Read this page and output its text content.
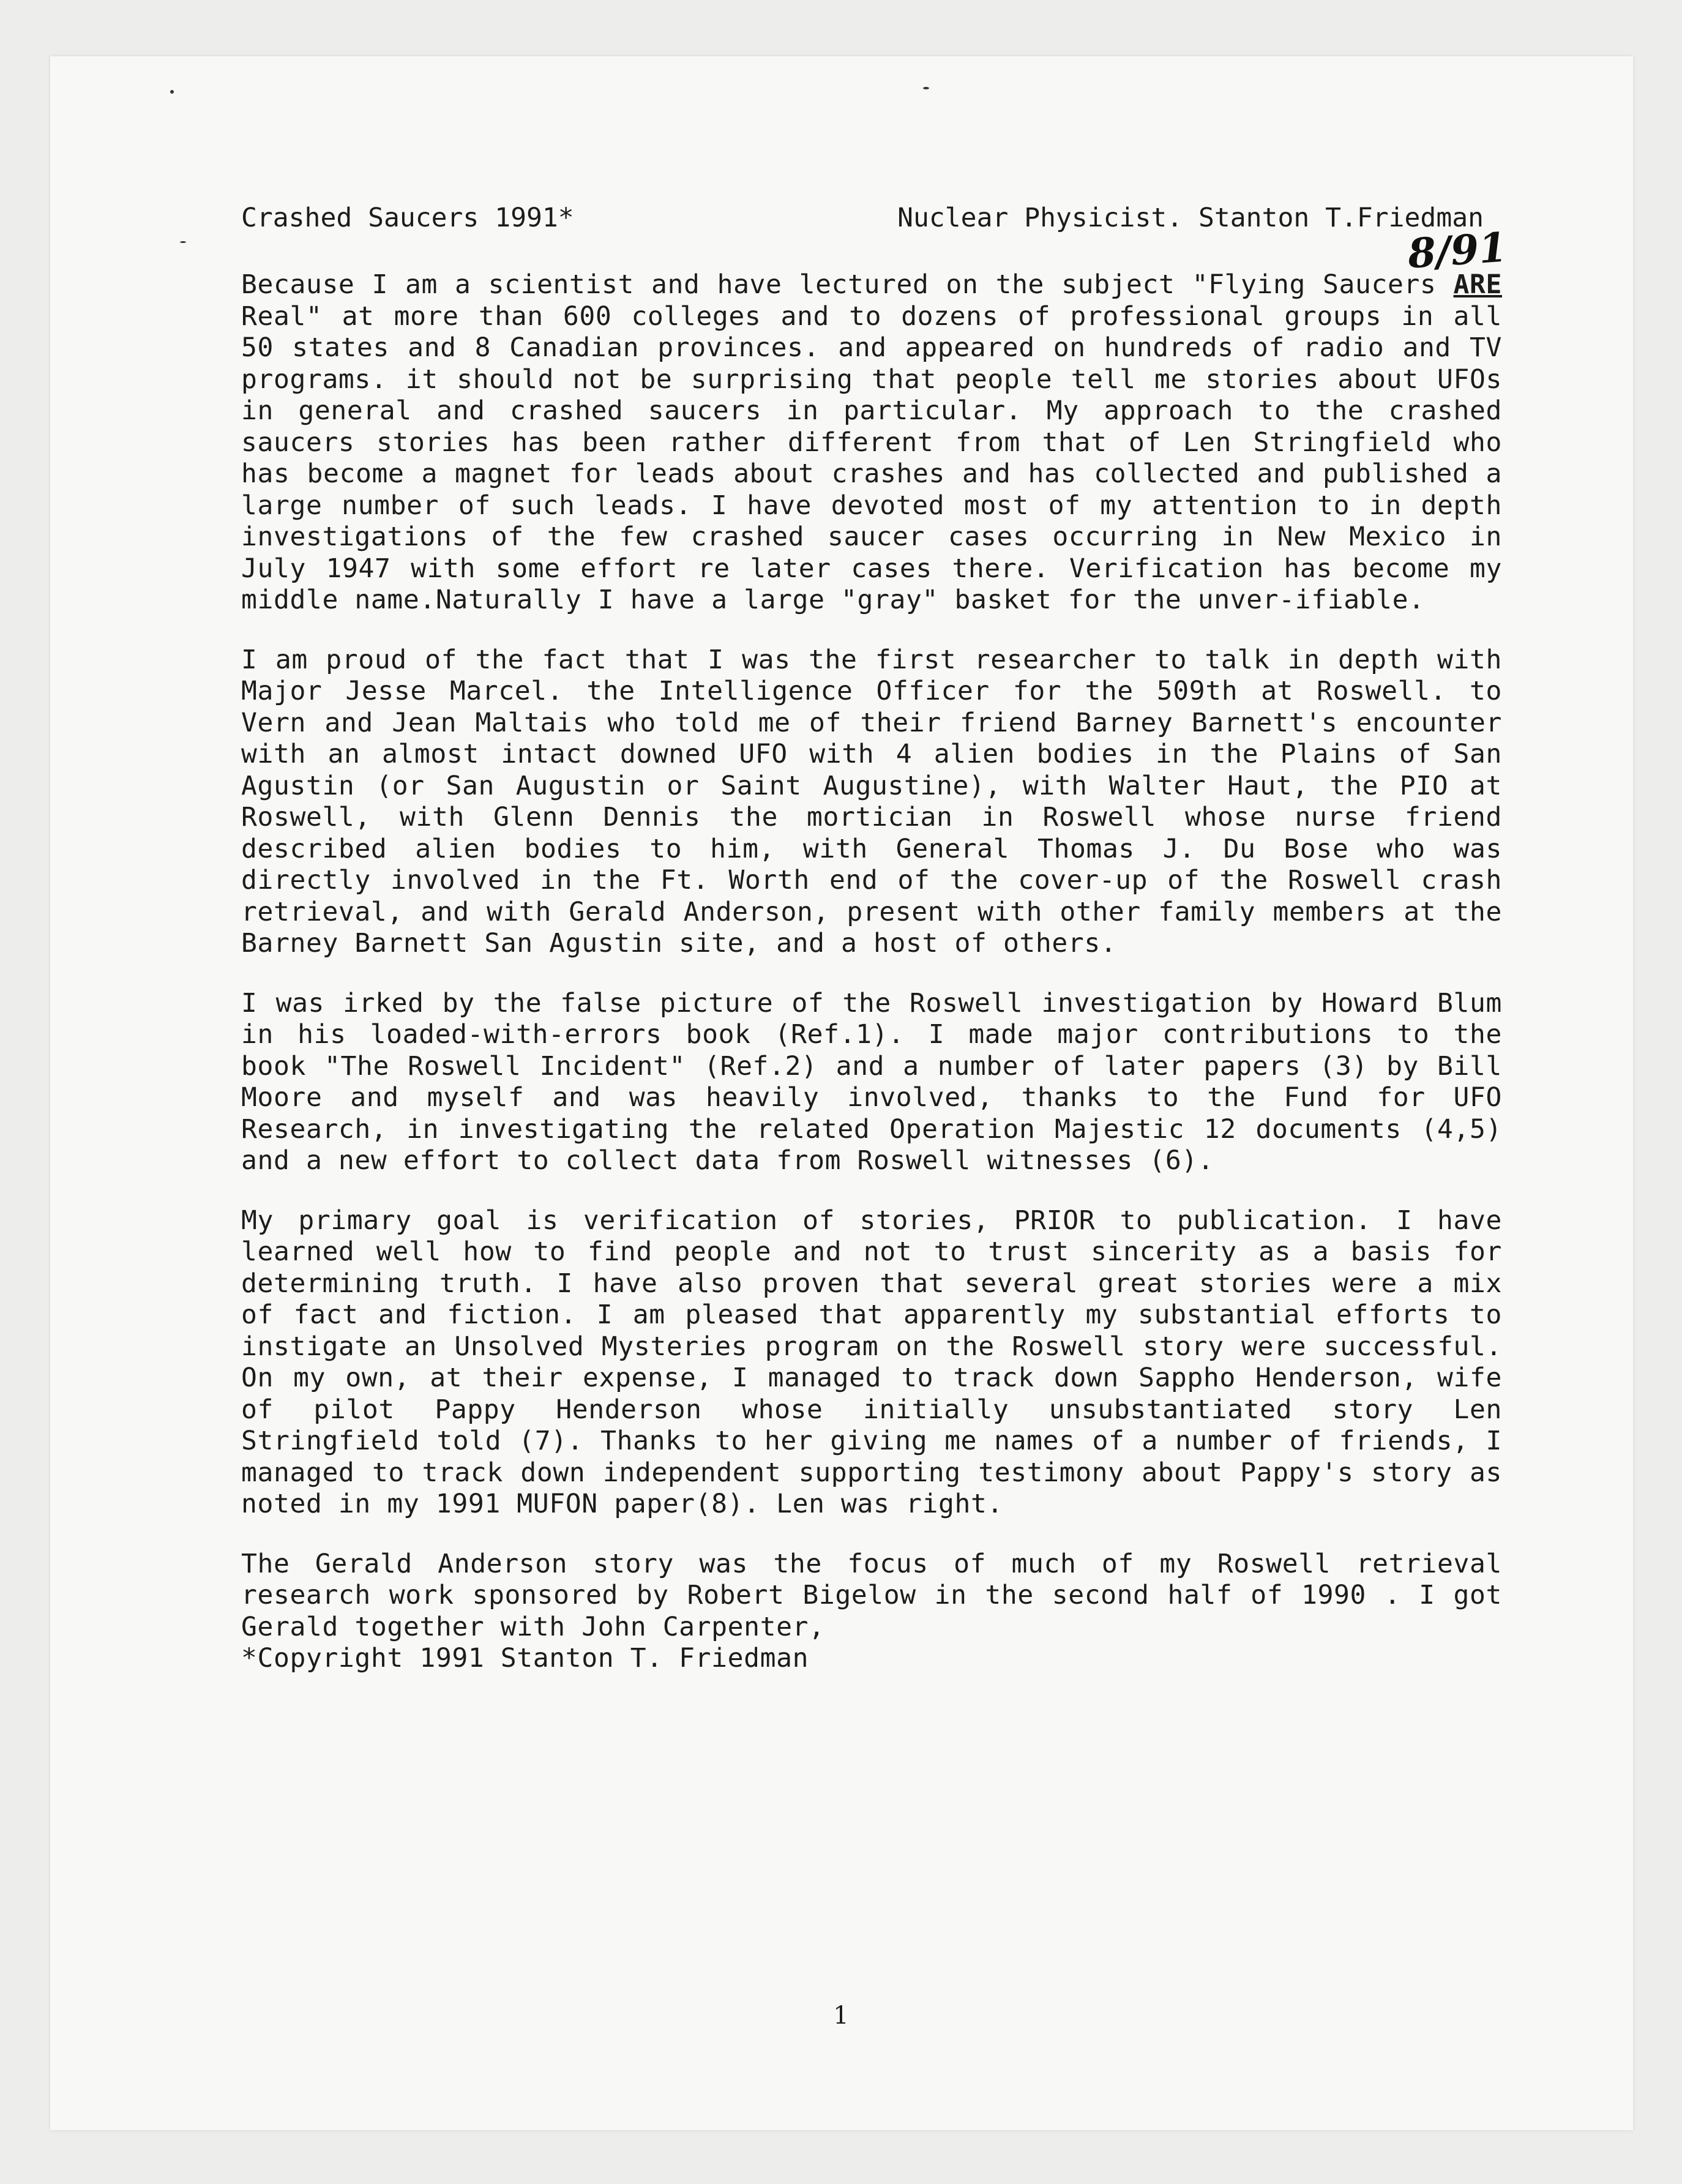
Crashed Saucers 1991*	Nuclear Physicist. Stanton T.Friedman
8/91

Because I am a scientist and have lectured on the subject "Flying Saucers ARE Real" at more than 600 colleges and to dozens of professional groups in all 50 states and 8 Canadian provinces. and appeared on hundreds of radio and TV programs. it should not be surprising that people tell me stories about UFOs in general and crashed saucers in particular. My approach to the crashed saucers stories has been rather different from that of Len Stringfield who has become a magnet for leads about crashes and has collected and published a large number of such leads. I have devoted most of my attention to in depth investigations of the few crashed saucer cases occurring in New Mexico in July 1947 with some effort re later cases there. Verification has become my middle name.Naturally I have a large "gray" basket for the unver-ifiable.

I am proud of the fact that I was the first researcher to talk in depth with Major Jesse Marcel. the Intelligence Officer for the 509th at Roswell. to Vern and Jean Maltais who told me of their friend Barney Barnett's encounter with an almost intact downed UFO with 4 alien bodies in the Plains of San Agustin (or San Augustin or Saint Augustine), with Walter Haut, the PIO at Roswell, with Glenn Dennis the mortician in Roswell whose nurse friend described alien bodies to him, with General Thomas J. Du Bose who was directly involved in the Ft. Worth end of the cover-up of the Roswell crash retrieval, and with Gerald Anderson, present with other family members at the Barney Barnett San Agustin site, and a host of others.

I was irked by the false picture of the Roswell investigation by Howard Blum in his loaded-with-errors book (Ref.1). I made major contributions to the book "The Roswell Incident" (Ref.2) and a number of later papers (3) by Bill Moore and myself and was heavily involved, thanks to the Fund for UFO Research, in investigating the related Operation Majestic 12 documents (4,5) and a new effort to collect data from Roswell witnesses (6).

My primary goal is verification of stories, PRIOR to publication. I have learned well how to find people and not to trust sincerity as a basis for determining truth. I have also proven that several great stories were a mix of fact and fiction. I am pleased that apparently my substantial efforts to instigate an Unsolved Mysteries program on the Roswell story were successful. On my own, at their expense, I managed to track down Sappho Henderson, wife of pilot Pappy Henderson whose initially unsubstantiated story Len Stringfield told (7). Thanks to her giving me names of a number of friends, I managed to track down independent supporting testimony about Pappy's story as noted in my 1991 MUFON paper(8). Len was right.

The Gerald Anderson story was the focus of much of my Roswell retrieval research work sponsored by Robert Bigelow in the second half of 1990 . I got Gerald together with John Carpenter,

*Copyright 1991 Stanton T. Friedman

1
